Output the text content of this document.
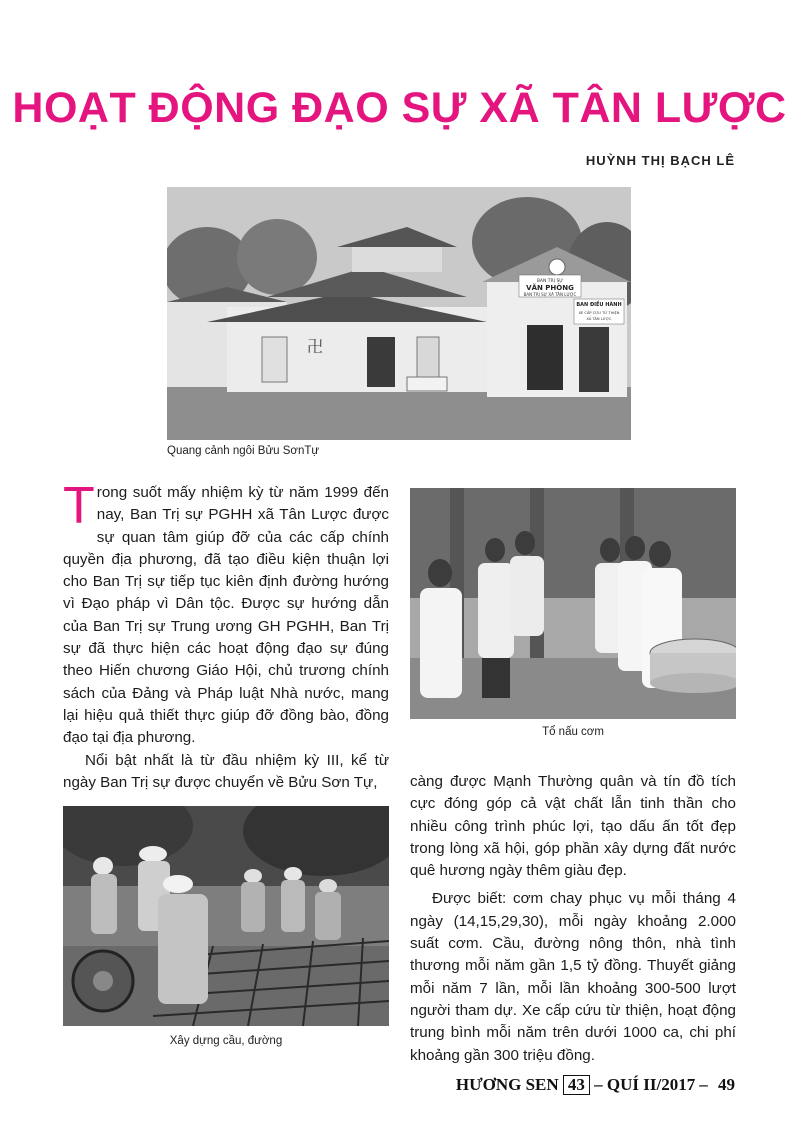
HOẠT ĐỘNG ĐẠO SỰ XÃ TÂN LƯỢC
HUỲNH THỊ BẠCH LÊ
卍
BAN TRỊ SỰ
VĂN PHÒNG
BAN TRỊ SỰ XÃ TÂN LƯỢC
BAN ĐIỀU HÀNH
XE CẤP CỨU TỪ THIỆN
XÃ TÂN LƯỢC
Quang cảnh ngôi Bửu SơnTự
Tổ nấu cơm
Xây dựng cầu, đường

Trong suốt mấy nhiệm kỳ từ năm 1999 đến nay, Ban Trị sự PGHH xã Tân Lược được sự quan tâm giúp đỡ của các cấp chính quyền địa phương, đã tạo điều kiện thuận lợi cho Ban Trị sự tiếp tục kiên định đường hướng vì Đạo pháp vì Dân tộc. Được sự hướng dẫn của Ban Trị sự Trung ương GH PGHH, Ban Trị sự đã thực hiện các hoạt động đạo sự đúng theo Hiến chương Giáo Hội, chủ trương chính sách của Đảng và Pháp luật Nhà nước, mang lại hiệu quả thiết thực giúp đỡ đồng bào, đồng đạo tại địa phương.

Nổi bật nhất là từ đầu nhiệm kỳ III, kể từ ngày Ban Trị sự được chuyển về Bửu Sơn Tự,	càng được Mạnh Thường quân và tín đồ tích cực đóng góp cả vật chất lẫn tinh thần cho nhiều công trình phúc lợi, tạo dấu ấn tốt đẹp trong lòng xã hội, góp phần xây dựng đất nước quê hương ngày thêm giàu đẹp.

Được biết: cơm chay phục vụ mỗi tháng 4 ngày (14,15,29,30), mỗi ngày khoảng 2.000 suất cơm. Cầu, đường nông thôn, nhà tình thương mỗi năm gần 1,5 tỷ đồng. Thuyết giảng mỗi năm 7 lần, mỗi lần khoảng 300-500 lượt người tham dự. Xe cấp cứu từ thiện, hoạt động trung bình mỗi năm trên dưới 1000 ca, chi phí khoảng gần 300 triệu đồng.

HƯƠNG SEN 43 – QUÍ II/2017 – 49
